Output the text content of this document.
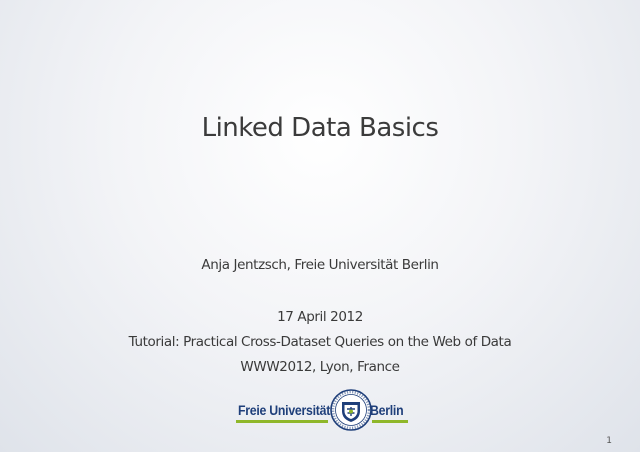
Linked Data Basics
Anja Jentzsch, Freie Universität Berlin
17 April 2012
Tutorial: Practical Cross-Dataset Queries on the Web of Data
WWW2012, Lyon, France
Freie Universität	Berlin
1
